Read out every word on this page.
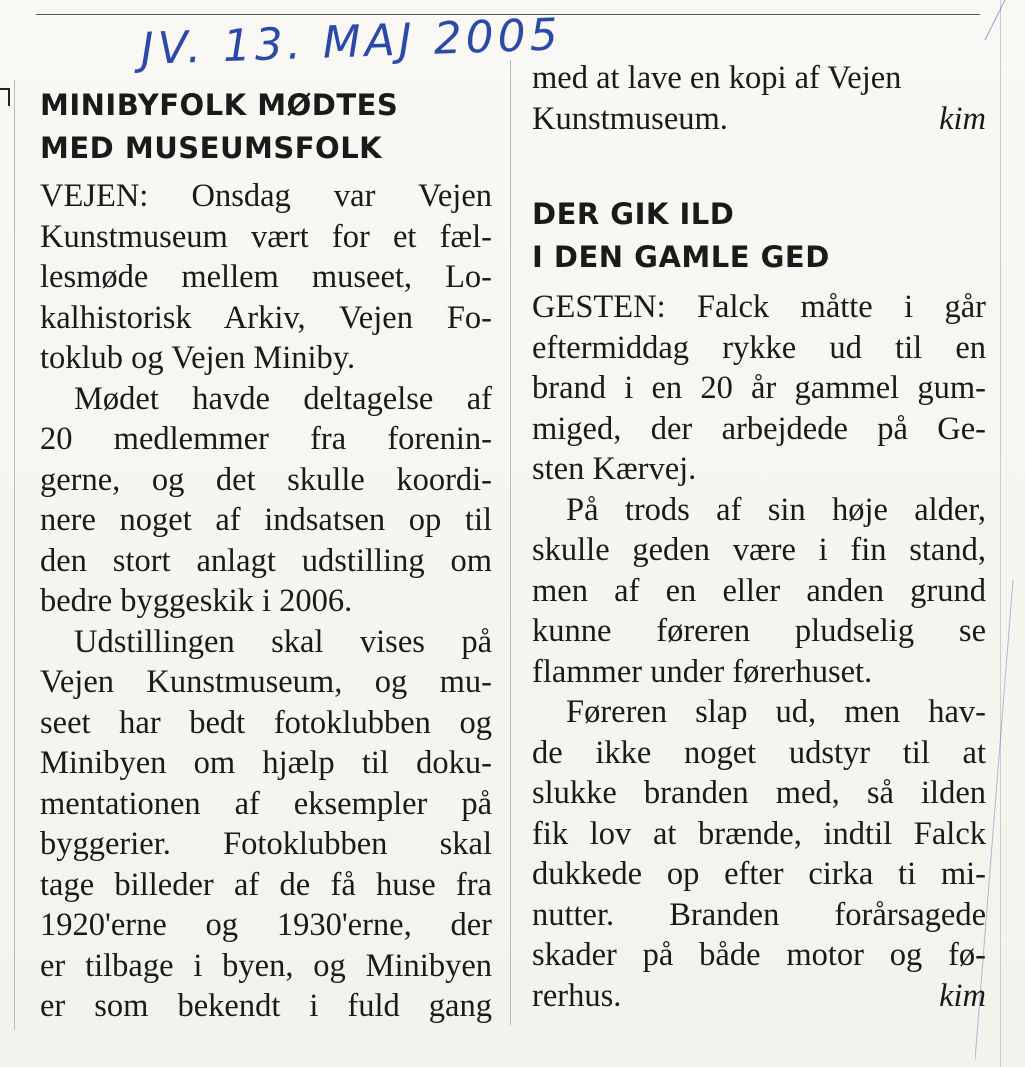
JV. 13. MAJ 2005
MINIBYFOLK MØDTES
MED MUSEUMSFOLK
VEJEN: Onsdag var Vejen
Kunstmuseum vært for et fæl-
lesmøde mellem museet, Lo-
kalhistorisk Arkiv, Vejen Fo-
toklub og Vejen Miniby.
Mødet havde deltagelse af
20 medlemmer fra forenin-
gerne, og det skulle koordi-
nere noget af indsatsen op til
den stort anlagt udstilling om
bedre byggeskik i 2006.
Udstillingen skal vises på
Vejen Kunstmuseum, og mu-
seet har bedt fotoklubben og
Minibyen om hjælp til doku-
mentationen af eksempler på
byggerier. Fotoklubben skal
tage billeder af de få huse fra
1920'erne og 1930'erne, der
er tilbage i byen, og Minibyen
er som bekendt i fuld gang
med at lave en kopi af Vejen
Kunstmuseum.	kim
DER GIK ILD
I DEN GAMLE GED
GESTEN: Falck måtte i går
eftermiddag rykke ud til en
brand i en 20 år gammel gum-
miged, der arbejdede på Ge-
sten Kærvej.
På trods af sin høje alder,
skulle geden være i fin stand,
men af en eller anden grund
kunne føreren pludselig se
flammer under førerhuset.
Føreren slap ud, men hav-
de ikke noget udstyr til at
slukke branden med, så ilden
fik lov at brænde, indtil Falck
dukkede op efter cirka ti mi-
nutter. Branden forårsagede
skader på både motor og fø-
rerhus.	kim
